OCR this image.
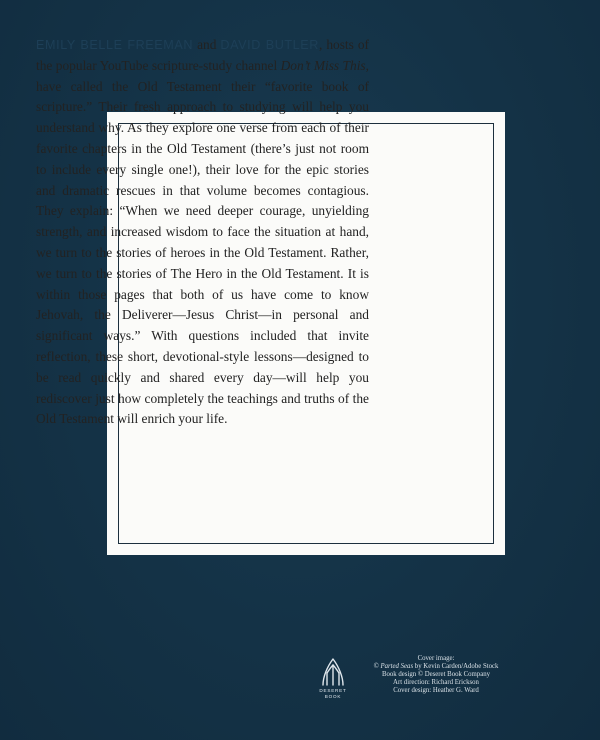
EMILY BELLE FREEMAN and DAVID BUTLER, hosts of the popular YouTube scripture-study channel Don’t Miss This, have called the Old Testament their “favorite book of scripture.” Their fresh approach to studying will help you understand why. As they explore one verse from each of their favorite chapters in the Old Testament (there’s just not room to include every single one!), their love for the epic stories and dramatic rescues in that volume becomes contagious. They explain: “When we need deeper courage, unyielding strength, and increased wisdom to face the situation at hand, we turn to the stories of heroes in the Old Testament. Rather, we turn to the stories of The Hero in the Old Testament. It is within those pages that both of us have come to know Jehovah, the Deliverer—Jesus Christ—in personal and significant ways.” With questions included that invite reflection, these short, devotional-style lessons—designed to be read quickly and shared every day—will help you rediscover just how completely the teachings and truths of the Old Testament will enrich your life.
DESERET
BOOK
Cover image:
© Parted Seas by Kevin Carden/Adobe Stock
Book design © Deseret Book Company
Art direction: Richard Erickson
Cover design: Heather G. Ward
